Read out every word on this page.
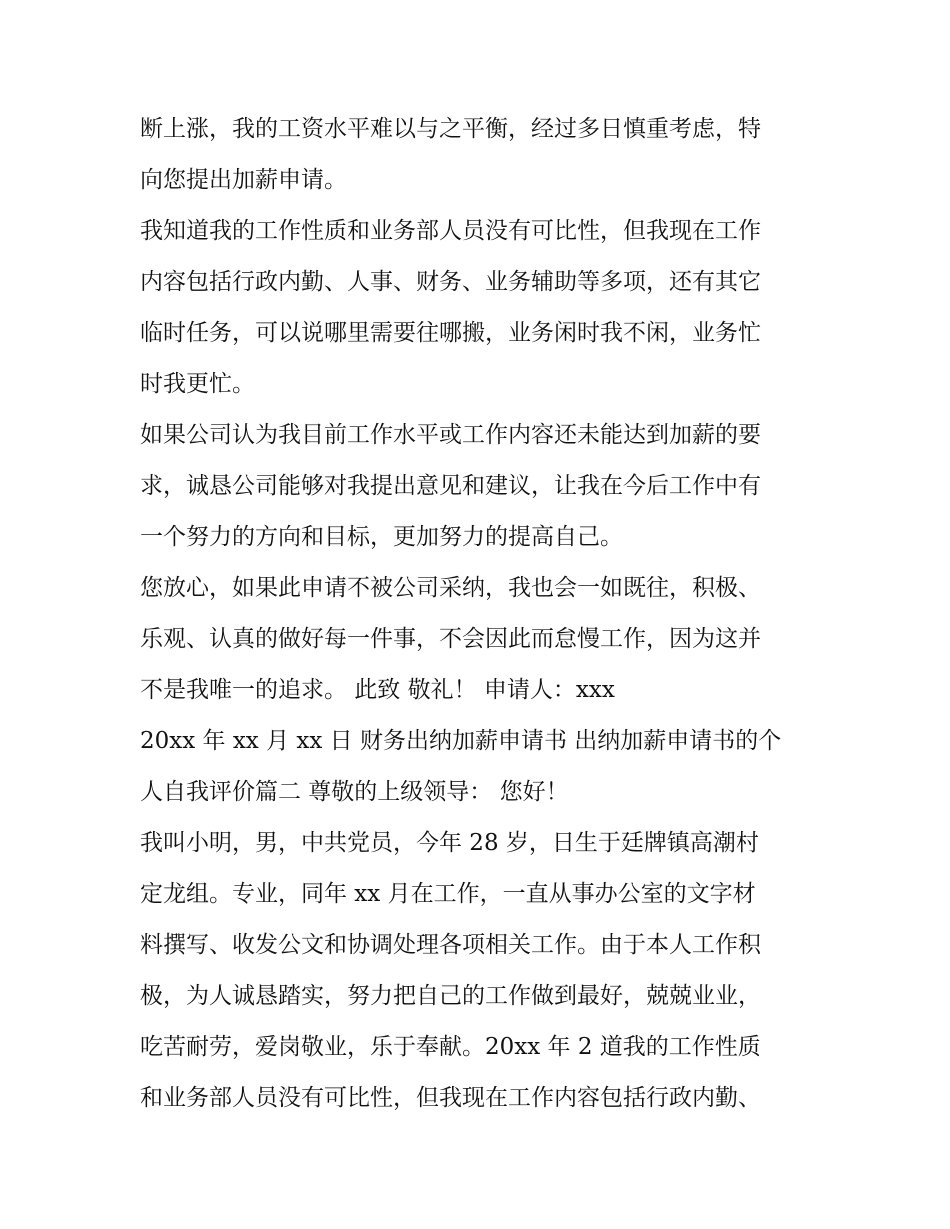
断上涨，我的工资水平难以与之平衡，经过多日慎重考虑，特
向您提出加薪申请。
我知道我的工作性质和业务部人员没有可比性，但我现在工作
内容包括行政内勤、人事、财务、业务辅助等多项，还有其它
临时任务，可以说哪里需要往哪搬，业务闲时我不闲，业务忙
时我更忙。
如果公司认为我目前工作水平或工作内容还未能达到加薪的要
求，诚恳公司能够对我提出意见和建议，让我在今后工作中有
一个努力的方向和目标，更加努力的提高自己。
您放心，如果此申请不被公司采纳，我也会一如既往，积极、
乐观、认真的做好每一件事，不会因此而怠慢工作，因为这并
不是我唯一的追求。 此致 敬礼！ 申请人：xxx
20xx 年 xx 月 xx 日 财务出纳加薪申请书 出纳加薪申请书的个
人自我评价篇二 尊敬的上级领导： 您好！
我叫小明，男，中共党员，今年 28 岁，日生于廷牌镇高潮村
定龙组。专业，同年 xx 月在工作，一直从事办公室的文字材
料撰写、收发公文和协调处理各项相关工作。由于本人工作积
极，为人诚恳踏实，努力把自己的工作做到最好，兢兢业业，
吃苦耐劳，爱岗敬业，乐于奉献。20xx 年 2 道我的工作性质
和业务部人员没有可比性，但我现在工作内容包括行政内勤、
